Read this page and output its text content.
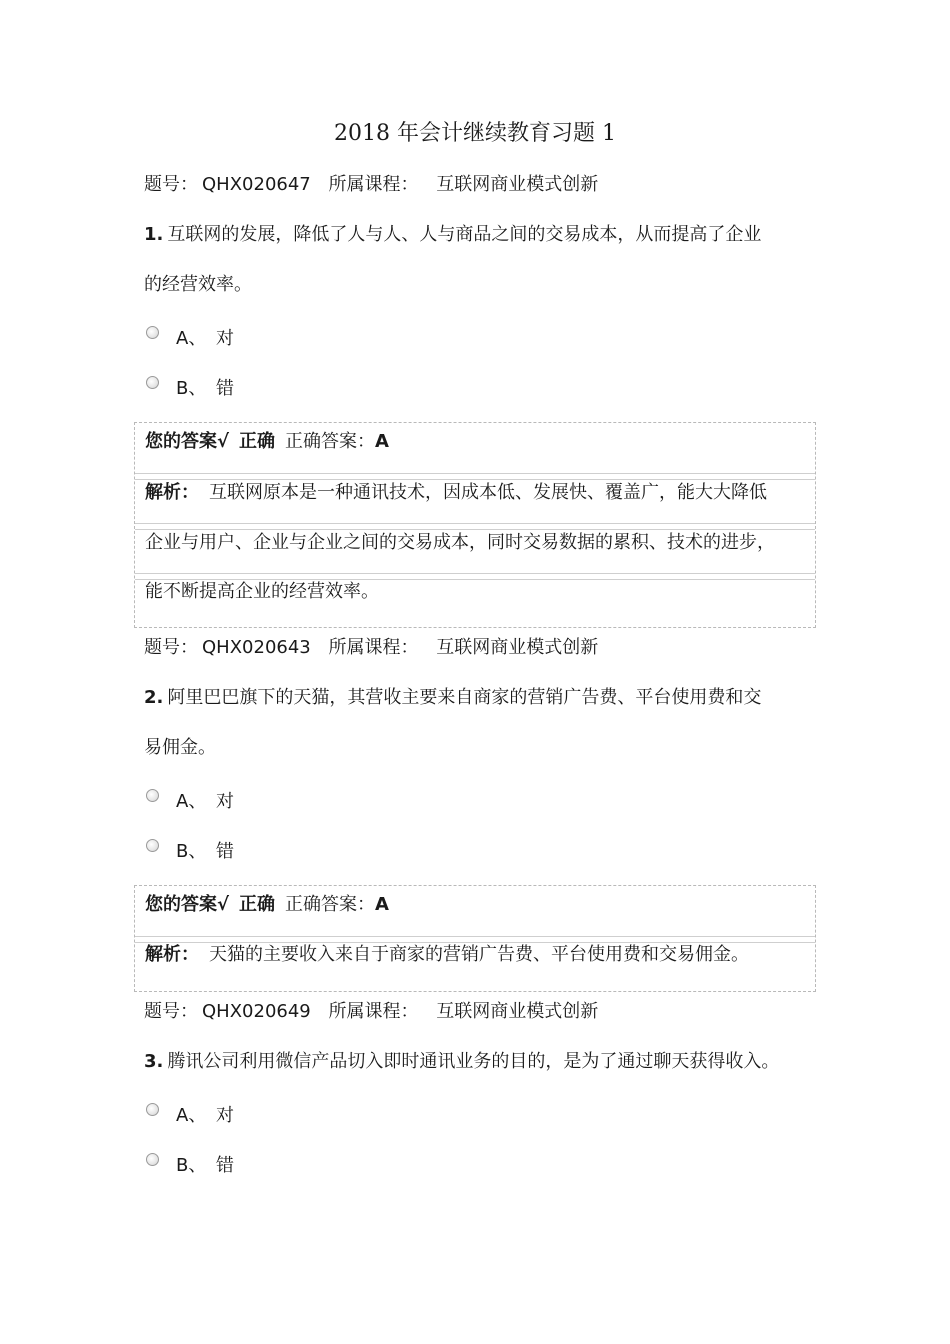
2018 年会计继续教育习题 1
题号： QHX020647 所属课程： 互联网商业模式创新
1. 互联网的发展，降低了人与人、人与商品之间的交易成本，从而提高了企业
的经营效率。
A、 对
B、 错
您的答案√ 正确 正确答案：A
解析： 互联网原本是一种通讯技术，因成本低、发展快、覆盖广，能大大降低
企业与用户、企业与企业之间的交易成本，同时交易数据的累积、技术的进步，
能不断提高企业的经营效率。
题号： QHX020643 所属课程： 互联网商业模式创新
2. 阿里巴巴旗下的天猫，其营收主要来自商家的营销广告费、平台使用费和交
易佣金。
A、 对
B、 错
您的答案√ 正确 正确答案：A
解析： 天猫的主要收入来自于商家的营销广告费、平台使用费和交易佣金。
题号： QHX020649 所属课程： 互联网商业模式创新
3. 腾讯公司利用微信产品切入即时通讯业务的目的，是为了通过聊天获得收入。
A、 对
B、 错
